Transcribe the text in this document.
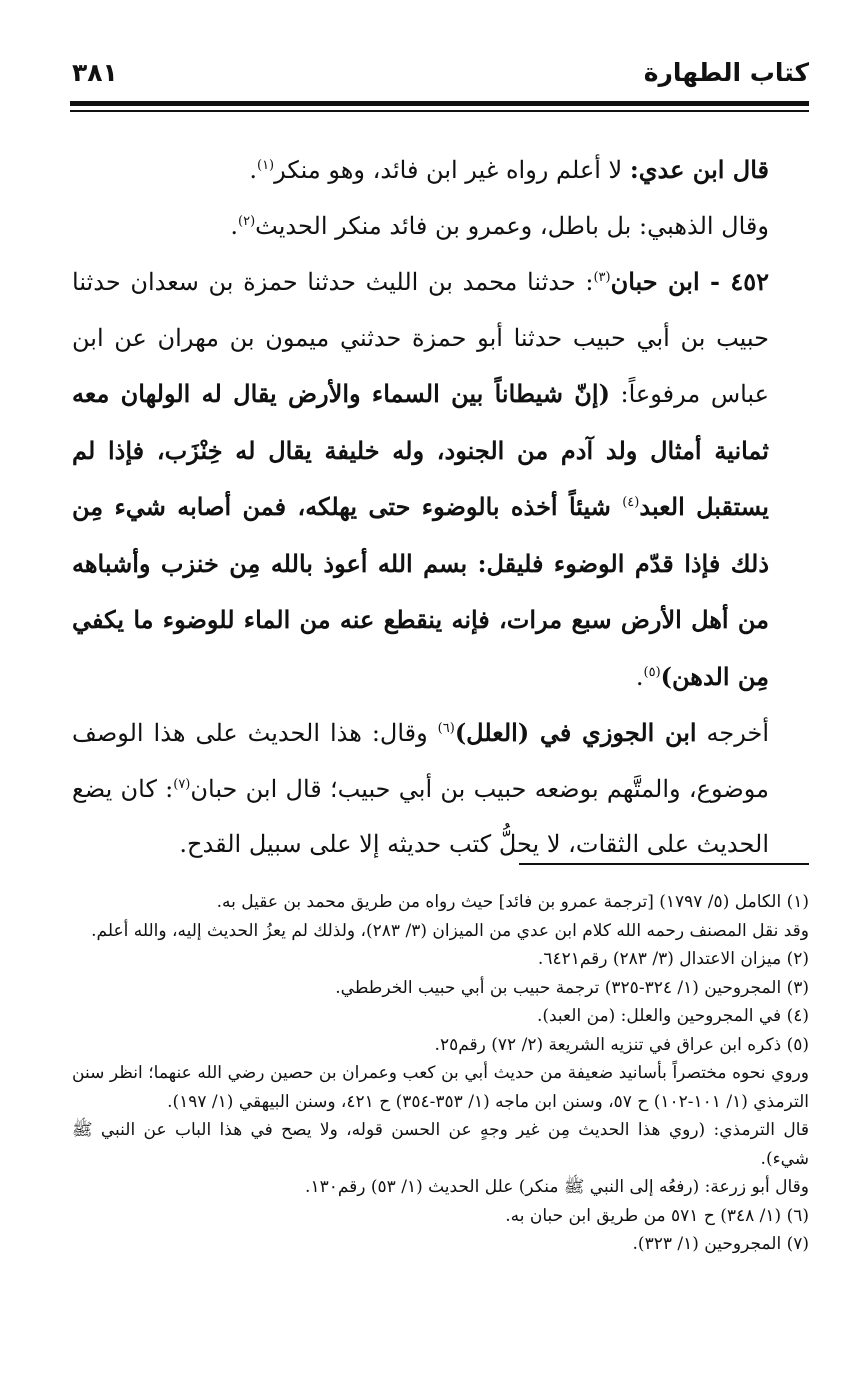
كتاب الطهارة
٣٨١

قال ابن عدي: لا أعلم رواه غير ابن فائد، وهو منكر$^{(١)}$.

وقال الذهبي: بل باطل، وعمرو بن فائد منكر الحديث$^{(٢)}$.

٤٥٢ - ابن حبان$^{(٣)}$: حدثنا محمد بن الليث حدثنا حمزة بن سعدان حدثنا حبيب بن أبي حبيب حدثنا أبو حمزة حدثني ميمون بن مهران عن ابن عباس مرفوعاً: (إنّ شيطاناً بين السماء والأرض يقال له الولهان معه ثمانية أمثال ولد آدم من الجنود، وله خليفة يقال له خِنْزَب، فإذا لم يستقبل العبد$^{(٤)}$ شيئاً أخذه بالوضوء حتى يهلكه، فمن أصابه شيء مِن ذلك فإذا قدّم الوضوء فليقل: بسم الله أعوذ بالله مِن خنزب وأشباهه من أهل الأرض سبع مرات، فإنه ينقطع عنه من الماء للوضوء ما يكفي مِن الدهن)$^{(٥)}$.

أخرجه ابن الجوزي في (العلل)$^{(٦)}$ وقال: هذا الحديث على هذا الوصف موضوع، والمتَّهم بوضعه حبيب بن أبي حبيب؛ قال ابن حبان$^{(٧)}$: كان يضع الحديث على الثقات، لا يحلُّ كتب حديثه إلا على سبيل القدح.

(١) الكامل (٥/ ١٧٩٧) [ترجمة عمرو بن فائد] حيث رواه من طريق محمد بن عقيل به.

وقد نقل المصنف رحمه الله كلام ابن عدي من الميزان (٣/ ٢٨٣)، ولذلك لم يعزُ الحديث إليه، والله أعلم.

(٢) ميزان الاعتدال (٣/ ٢٨٣) رقم٦٤٢١.

(٣) المجروحين (١/ ٣٢٤-٣٢٥) ترجمة حبيب بن أبي حبيب الخرططي.

(٤) في المجروحين والعلل: (من العبد).

(٥) ذكره ابن عراق في تنزيه الشريعة (٢/ ٧٢) رقم٢٥.

وروي نحوه مختصراً بأسانيد ضعيفة من حديث أبي بن كعب وعمران بن حصين رضي الله عنهما؛ انظر سنن الترمذي (١/ ١٠١-١٠٢) ح ٥٧، وسنن ابن ماجه (١/ ٣٥٣-٣٥٤) ح ٤٢١، وسنن البيهقي (١/ ١٩٧).

قال الترمذي: (روي هذا الحديث مِن غير وجهٍ عن الحسن قوله، ولا يصح في هذا الباب عن النبي ﷺ شيء).

وقال أبو زرعة: (رفعُه إلى النبي ﷺ منكر) علل الحديث (١/ ٥٣) رقم١٣٠.

(٦) (١/ ٣٤٨) ح ٥٧١ من طريق ابن حبان به.

(٧) المجروحين (١/ ٣٢٣).
